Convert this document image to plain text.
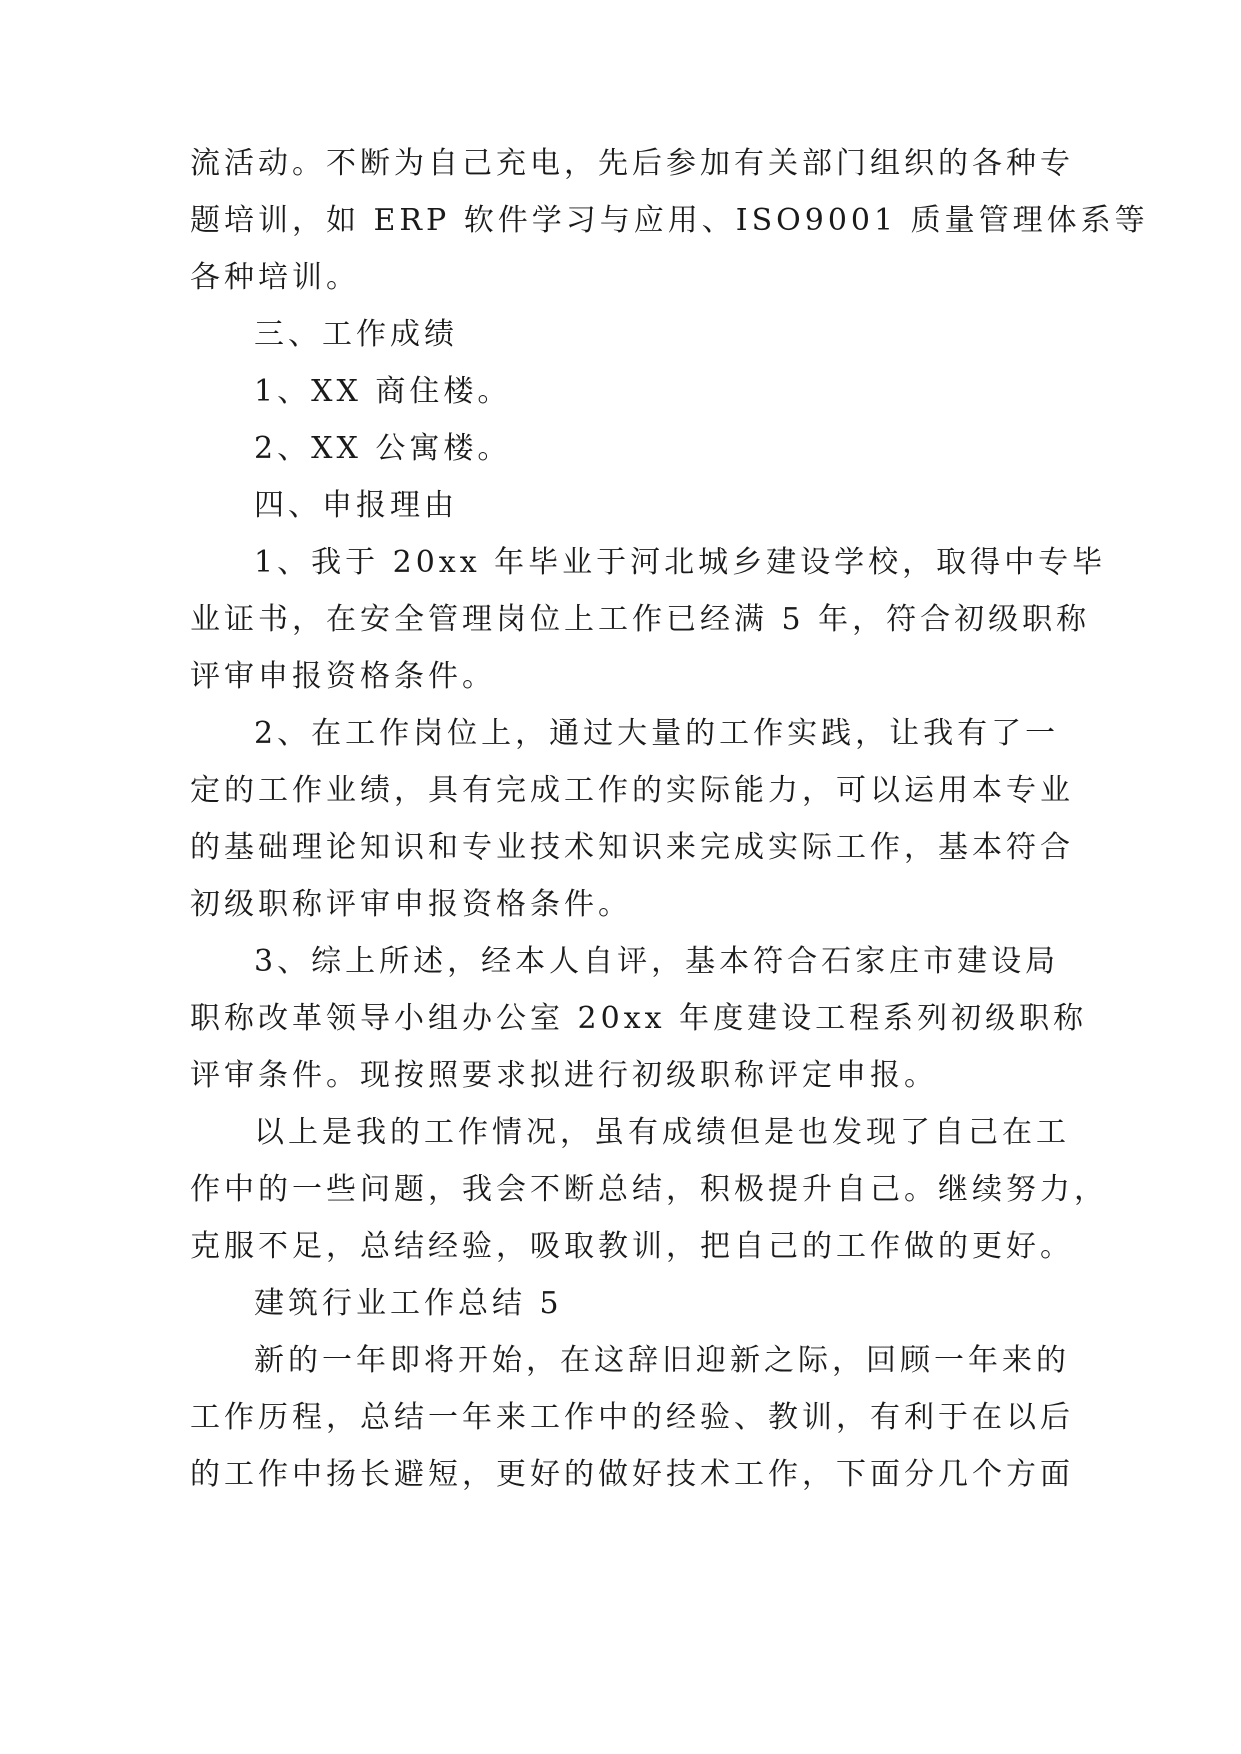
流活动。不断为自己充电，先后参加有关部门组织的各种专
题培训，如 ERP 软件学习与应用、ISO9001 质量管理体系等
各种培训。
三、工作成绩
1、XX 商住楼。
2、XX 公寓楼。
四、申报理由
1、我于 20xx 年毕业于河北城乡建设学校，取得中专毕
业证书，在安全管理岗位上工作已经满 5 年，符合初级职称
评审申报资格条件。
2、在工作岗位上，通过大量的工作实践，让我有了一
定的工作业绩，具有完成工作的实际能力，可以运用本专业
的基础理论知识和专业技术知识来完成实际工作，基本符合
初级职称评审申报资格条件。
3、综上所述，经本人自评，基本符合石家庄市建设局
职称改革领导小组办公室 20xx 年度建设工程系列初级职称
评审条件。现按照要求拟进行初级职称评定申报。
以上是我的工作情况，虽有成绩但是也发现了自己在工
作中的一些问题，我会不断总结，积极提升自己。继续努力，
克服不足，总结经验，吸取教训，把自己的工作做的更好。
建筑行业工作总结 5
新的一年即将开始，在这辞旧迎新之际，回顾一年来的
工作历程，总结一年来工作中的经验、教训，有利于在以后
的工作中扬长避短，更好的做好技术工作，下面分几个方面
